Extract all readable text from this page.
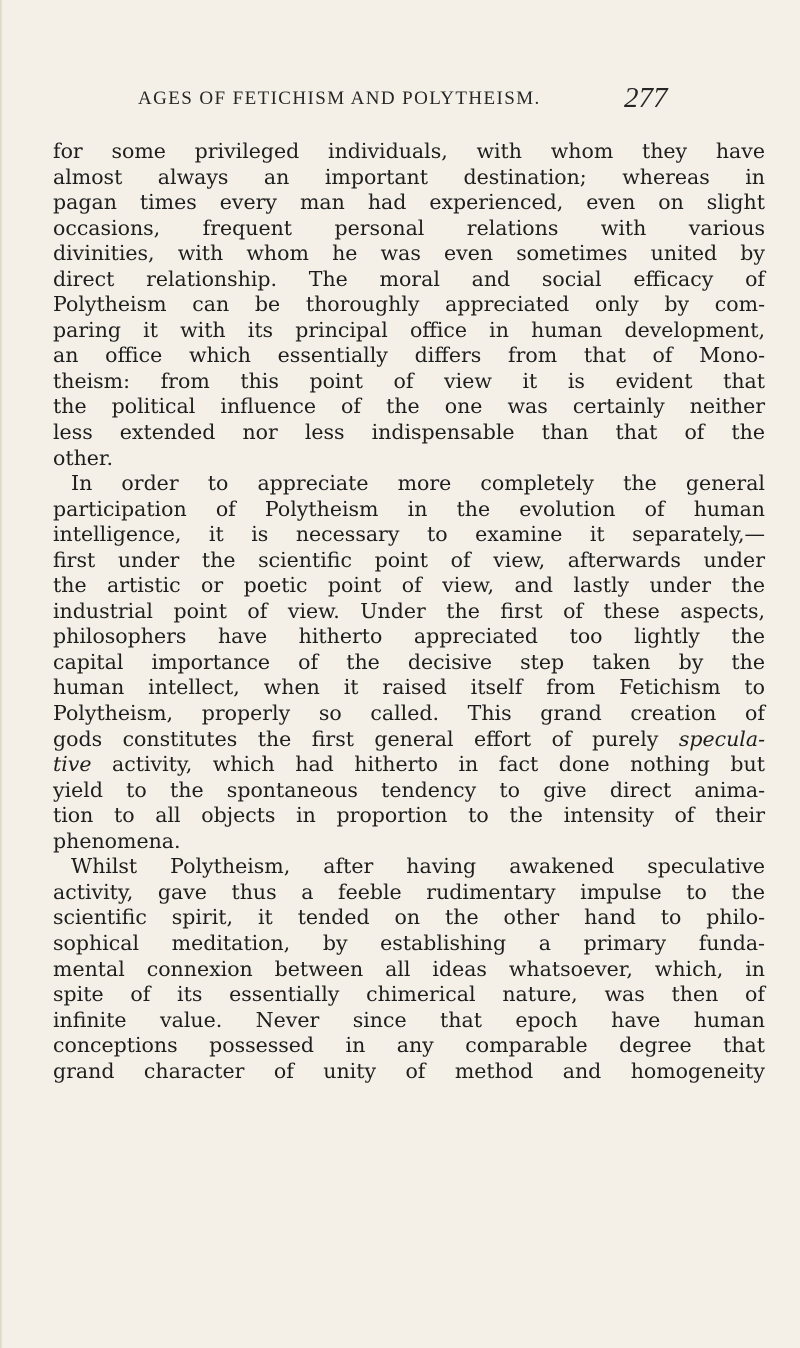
AGES OF FETICHISM AND POLYTHEISM.	277
for some privileged individuals, with whom they have
almost always an important destination; whereas in
pagan times every man had experienced, even on slight
occasions, frequent personal relations with various
divinities, with whom he was even sometimes united by
direct relationship. The moral and social efficacy of
Polytheism can be thoroughly appreciated only by com-
paring it with its principal office in human development,
an office which essentially differs from that of Mono-
theism: from this point of view it is evident that
the political influence of the one was certainly neither
less extended nor less indispensable than that of the
other.
In order to appreciate more completely the general
participation of Polytheism in the evolution of human
intelligence, it is necessary to examine it separately,—
first under the scientific point of view, afterwards under
the artistic or poetic point of view, and lastly under the
industrial point of view. Under the first of these aspects,
philosophers have hitherto appreciated too lightly the
capital importance of the decisive step taken by the
human intellect, when it raised itself from Fetichism to
Polytheism, properly so called. This grand creation of
gods constitutes the first general effort of purely specula-
tive activity, which had hitherto in fact done nothing but
yield to the spontaneous tendency to give direct anima-
tion to all objects in proportion to the intensity of their
phenomena.
Whilst Polytheism, after having awakened speculative
activity, gave thus a feeble rudimentary impulse to the
scientific spirit, it tended on the other hand to philo-
sophical meditation, by establishing a primary funda-
mental connexion between all ideas whatsoever, which, in
spite of its essentially chimerical nature, was then of
infinite value. Never since that epoch have human
conceptions possessed in any comparable degree that
grand character of unity of method and homogeneity
